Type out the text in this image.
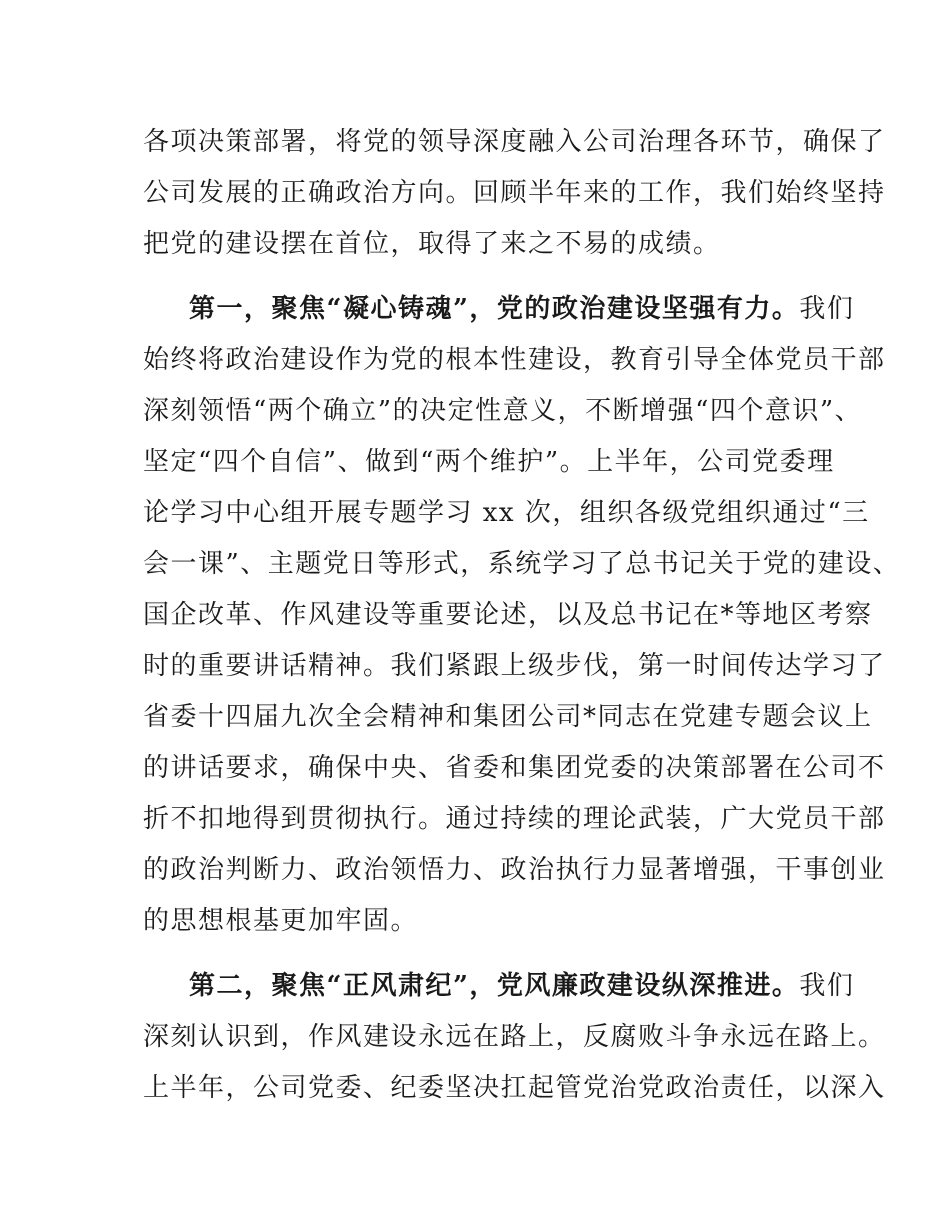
各项决策部署，将党的领导深度融入公司治理各环节，确保了
公司发展的正确政治方向。回顾半年来的工作，我们始终坚持
把党的建设摆在首位，取得了来之不易的成绩。
第一，聚焦“凝心铸魂”，党的政治建设坚强有力。我们
始终将政治建设作为党的根本性建设，教育引导全体党员干部
深刻领悟“两个确立”的决定性意义，不断增强“四个意识”、
坚定“四个自信”、做到“两个维护”。上半年，公司党委理
论学习中心组开展专题学习 xx 次，组织各级党组织通过“三
会一课”、主题党日等形式，系统学习了总书记关于党的建设、
国企改革、作风建设等重要论述，以及总书记在*等地区考察
时的重要讲话精神。我们紧跟上级步伐，第一时间传达学习了
省委十四届九次全会精神和集团公司*同志在党建专题会议上
的讲话要求，确保中央、省委和集团党委的决策部署在公司不
折不扣地得到贯彻执行。通过持续的理论武装，广大党员干部
的政治判断力、政治领悟力、政治执行力显著增强，干事创业
的思想根基更加牢固。
第二，聚焦“正风肃纪”，党风廉政建设纵深推进。我们
深刻认识到，作风建设永远在路上，反腐败斗争永远在路上。
上半年，公司党委、纪委坚决扛起管党治党政治责任，以深入
